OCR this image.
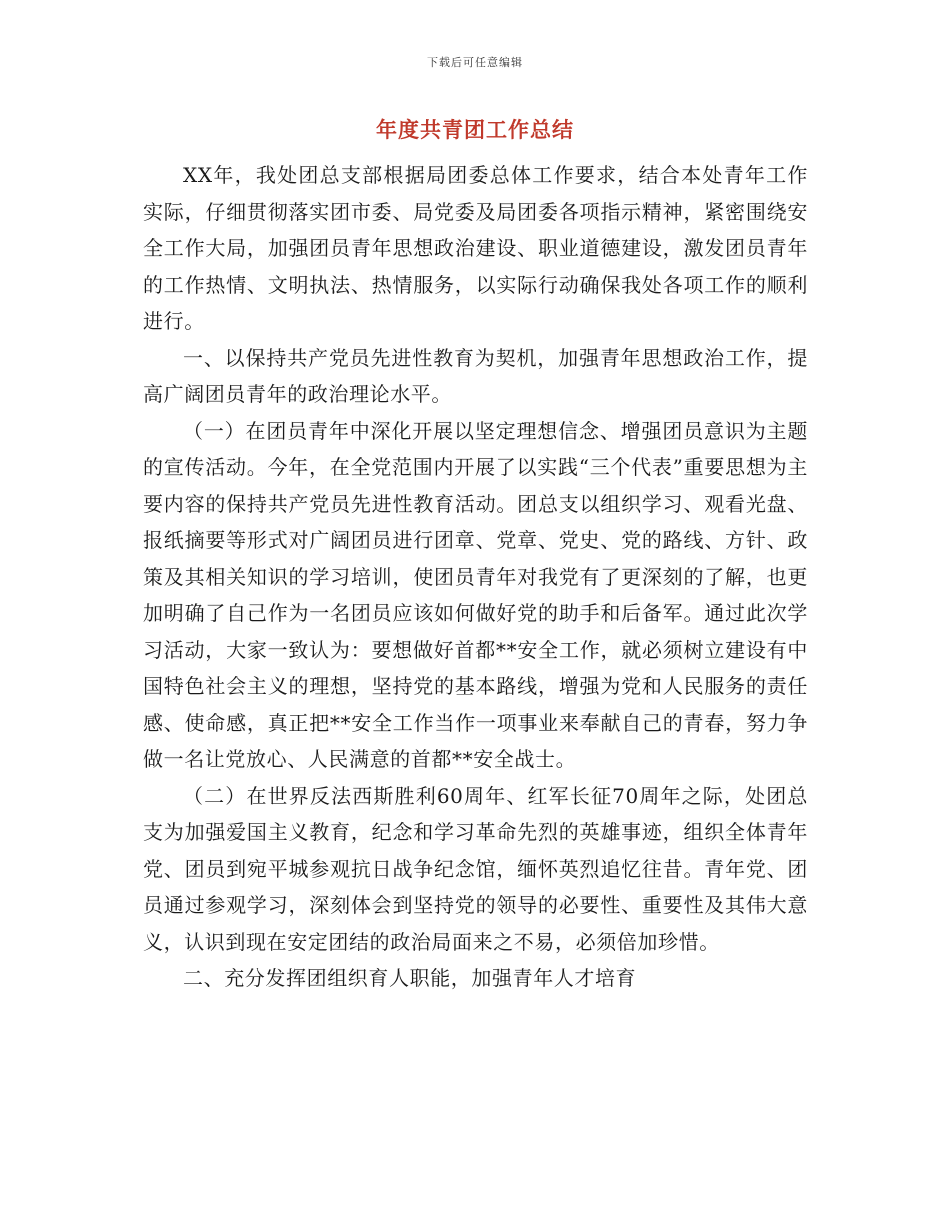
下载后可任意编辑
年度共青团工作总结

XX年，我处团总支部根据局团委总体工作要求，结合本处青年工作实际，仔细贯彻落实团市委、局党委及局团委各项指示精神，紧密围绕安全工作大局，加强团员青年思想政治建设、职业道德建设，激发团员青年的工作热情、文明执法、热情服务，以实际行动确保我处各项工作的顺利进行。

一、以保持共产党员先进性教育为契机，加强青年思想政治工作，提高广阔团员青年的政治理论水平。

（一）在团员青年中深化开展以坚定理想信念、增强团员意识为主题的宣传活动。今年，在全党范围内开展了以实践“三个代表”重要思想为主要内容的保持共产党员先进性教育活动。团总支以组织学习、观看光盘、报纸摘要等形式对广阔团员进行团章、党章、党史、党的路线、方针、政策及其相关知识的学习培训，使团员青年对我党有了更深刻的了解，也更加明确了自己作为一名团员应该如何做好党的助手和后备军。通过此次学习活动，大家一致认为：要想做好首都**安全工作，就必须树立建设有中国特色社会主义的理想，坚持党的基本路线，增强为党和人民服务的责任感、使命感，真正把**安全工作当作一项事业来奉献自己的青春，努力争做一名让党放心、人民满意的首都**安全战士。

（二）在世界反法西斯胜利60周年、红军长征70周年之际，处团总支为加强爱国主义教育，纪念和学习革命先烈的英雄事迹，组织全体青年党、团员到宛平城参观抗日战争纪念馆，缅怀英烈追忆往昔。青年党、团员通过参观学习，深刻体会到坚持党的领导的必要性、重要性及其伟大意义，认识到现在安定团结的政治局面来之不易，必须倍加珍惜。

二、充分发挥团组织育人职能，加强青年人才培育
